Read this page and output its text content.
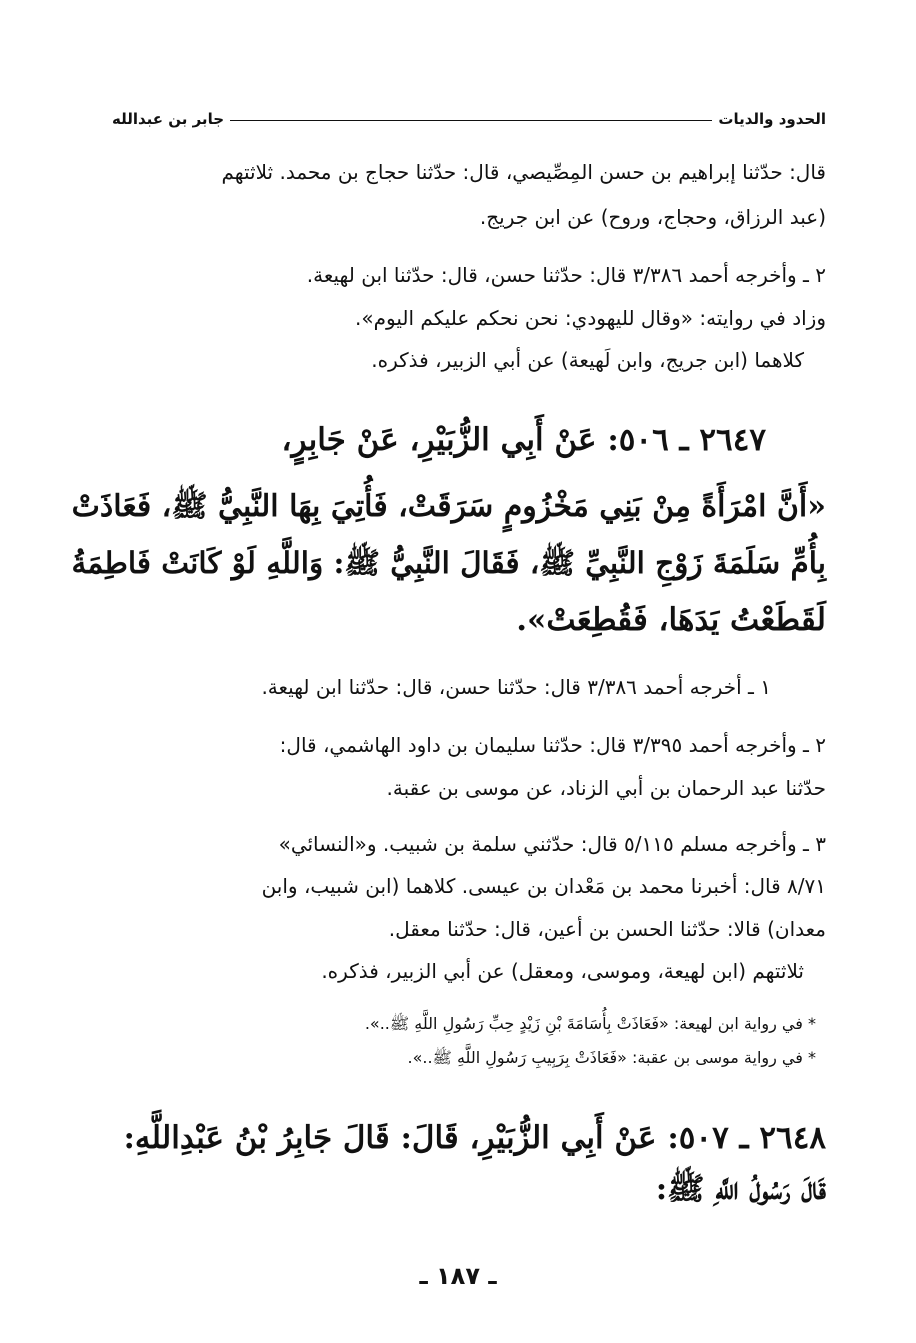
الحدود والديات
جابر بن عبدالله
قال: حدّثنا إبراهيم بن حسن المِصِّيصي، قال: حدّثنا حجاج بن محمد. ثلاثتهم
(عبد الرزاق، وحجاج، وروح) عن ابن جريج.
٢ ـ وأخرجه أحمد ٣/٣٨٦ قال: حدّثنا حسن، قال: حدّثنا ابن لهيعة.
وزاد في روايته: «وقال لليهودي: نحن نحكم عليكم اليوم».
كلاهما (ابن جريج، وابن لَهيعة) عن أبي الزبير، فذكره.
٢٦٤٧ ـ ٥٠٦: عَنْ أَبِي الزُّبَيْرِ، عَنْ جَابِرٍ،
«أَنَّ امْرَأَةً مِنْ بَنِي مَخْزُومٍ سَرَقَتْ، فَأُتِيَ بِهَا النَّبِيُّ ﷺ، فَعَاذَتْ
بِأُمِّ سَلَمَةَ زَوْجِ النَّبِيِّ ﷺ، فَقَالَ النَّبِيُّ ﷺ: وَاللَّهِ لَوْ كَانَتْ فَاطِمَةُ
لَقَطَعْتُ يَدَهَا، فَقُطِعَتْ».
١ ـ أخرجه أحمد ٣/٣٨٦ قال: حدّثنا حسن، قال: حدّثنا ابن لهيعة.
٢ ـ وأخرجه أحمد ٣/٣٩٥ قال: حدّثنا سليمان بن داود الهاشمي، قال:
حدّثنا عبد الرحمان بن أبي الزناد، عن موسى بن عقبة.
٣ ـ وأخرجه مسلم ٥/١١٥ قال: حدّثني سلمة بن شبيب. و«النسائي»
٨/٧١ قال: أخبرنا محمد بن مَعْدان بن عيسى. كلاهما (ابن شبيب، وابن
معدان) قالا: حدّثنا الحسن بن أعين، قال: حدّثنا معقل.
ثلاثتهم (ابن لهيعة، وموسى، ومعقل) عن أبي الزبير، فذكره.
* في رواية ابن لهيعة: «فَعَاذَتْ بِأُسَامَةَ بْنِ زَيْدٍ حِبِّ رَسُولِ اللَّهِ ﷺ..».
* في رواية موسى بن عقبة: «فَعَاذَتْ بِرَبِيبِ رَسُولِ اللَّهِ ﷺ..».
٢٦٤٨ ـ ٥٠٧: عَنْ أَبِي الزُّبَيْرِ، قَالَ: قَالَ جَابِرُ بْنُ عَبْدِاللَّهِ:
قَالَ رَسُولُ اللَّهِ ﷺ:
ـ ١٨٧ ـ
